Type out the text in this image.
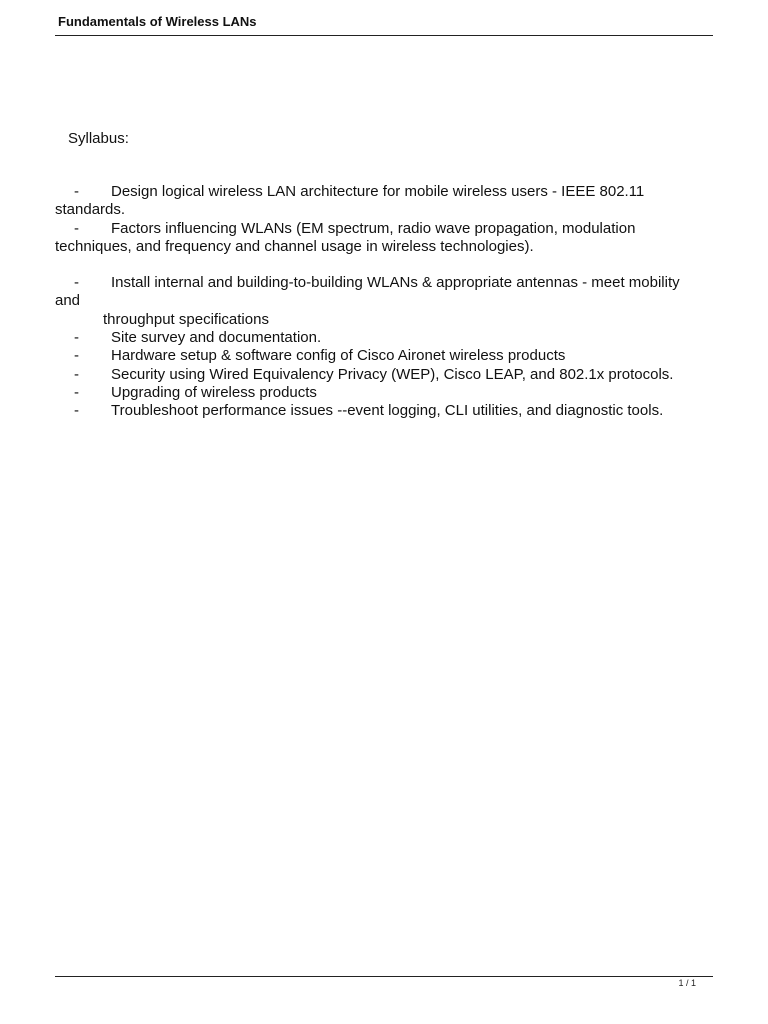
Fundamentals of Wireless LANs
Syllabus:
- Design logical wireless LAN architecture for mobile wireless users - IEEE 802.11
standards.
- Factors influencing WLANs (EM spectrum, radio wave propagation, modulation
techniques, and frequency and channel usage in wireless technologies).
- Install internal and building-to-building WLANs & appropriate antennas - meet mobility
and
throughput specifications
- Site survey and documentation.
- Hardware setup & software config of Cisco Aironet wireless products
- Security using Wired Equivalency Privacy (WEP), Cisco LEAP, and 802.1x protocols.
- Upgrading of wireless products
- Troubleshoot performance issues --event logging, CLI utilities, and diagnostic tools.
1 / 1
